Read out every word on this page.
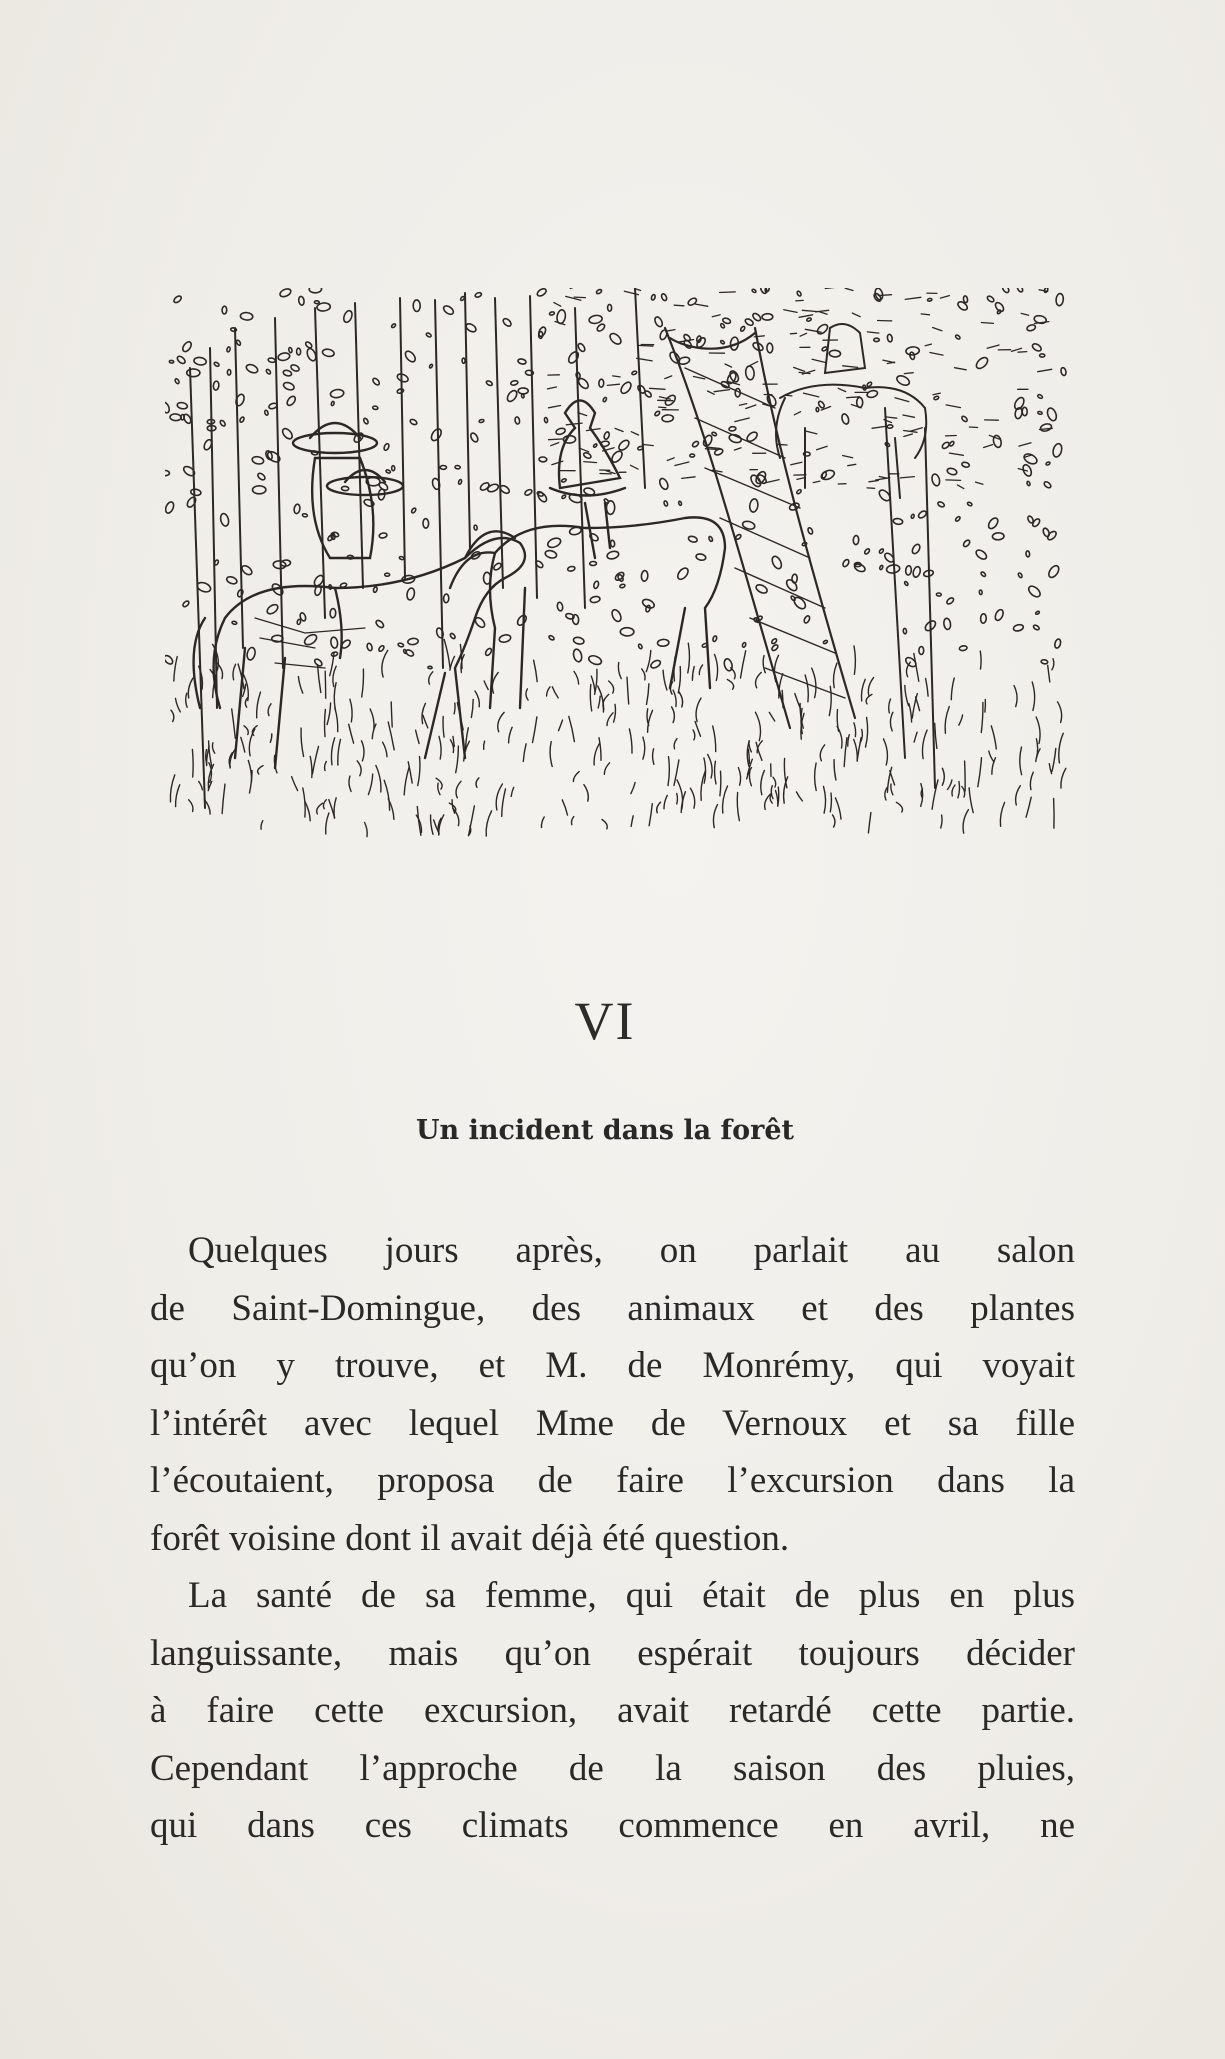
VI
Un incident dans la forêt
Quelques jours après, on parlait au salon
de Saint-Domingue, des animaux et des plantes
qu’on y trouve, et M. de Monrémy, qui voyait
l’intérêt avec lequel Mme de Vernoux et sa fille
l’écoutaient, proposa de faire l’excursion dans la
forêt voisine dont il avait déjà été question.
La santé de sa femme, qui était de plus en plus
languissante, mais qu’on espérait toujours décider
à faire cette excursion, avait retardé cette partie.
Cependant l’approche de la saison des pluies,
qui dans ces climats commence en avril, ne
